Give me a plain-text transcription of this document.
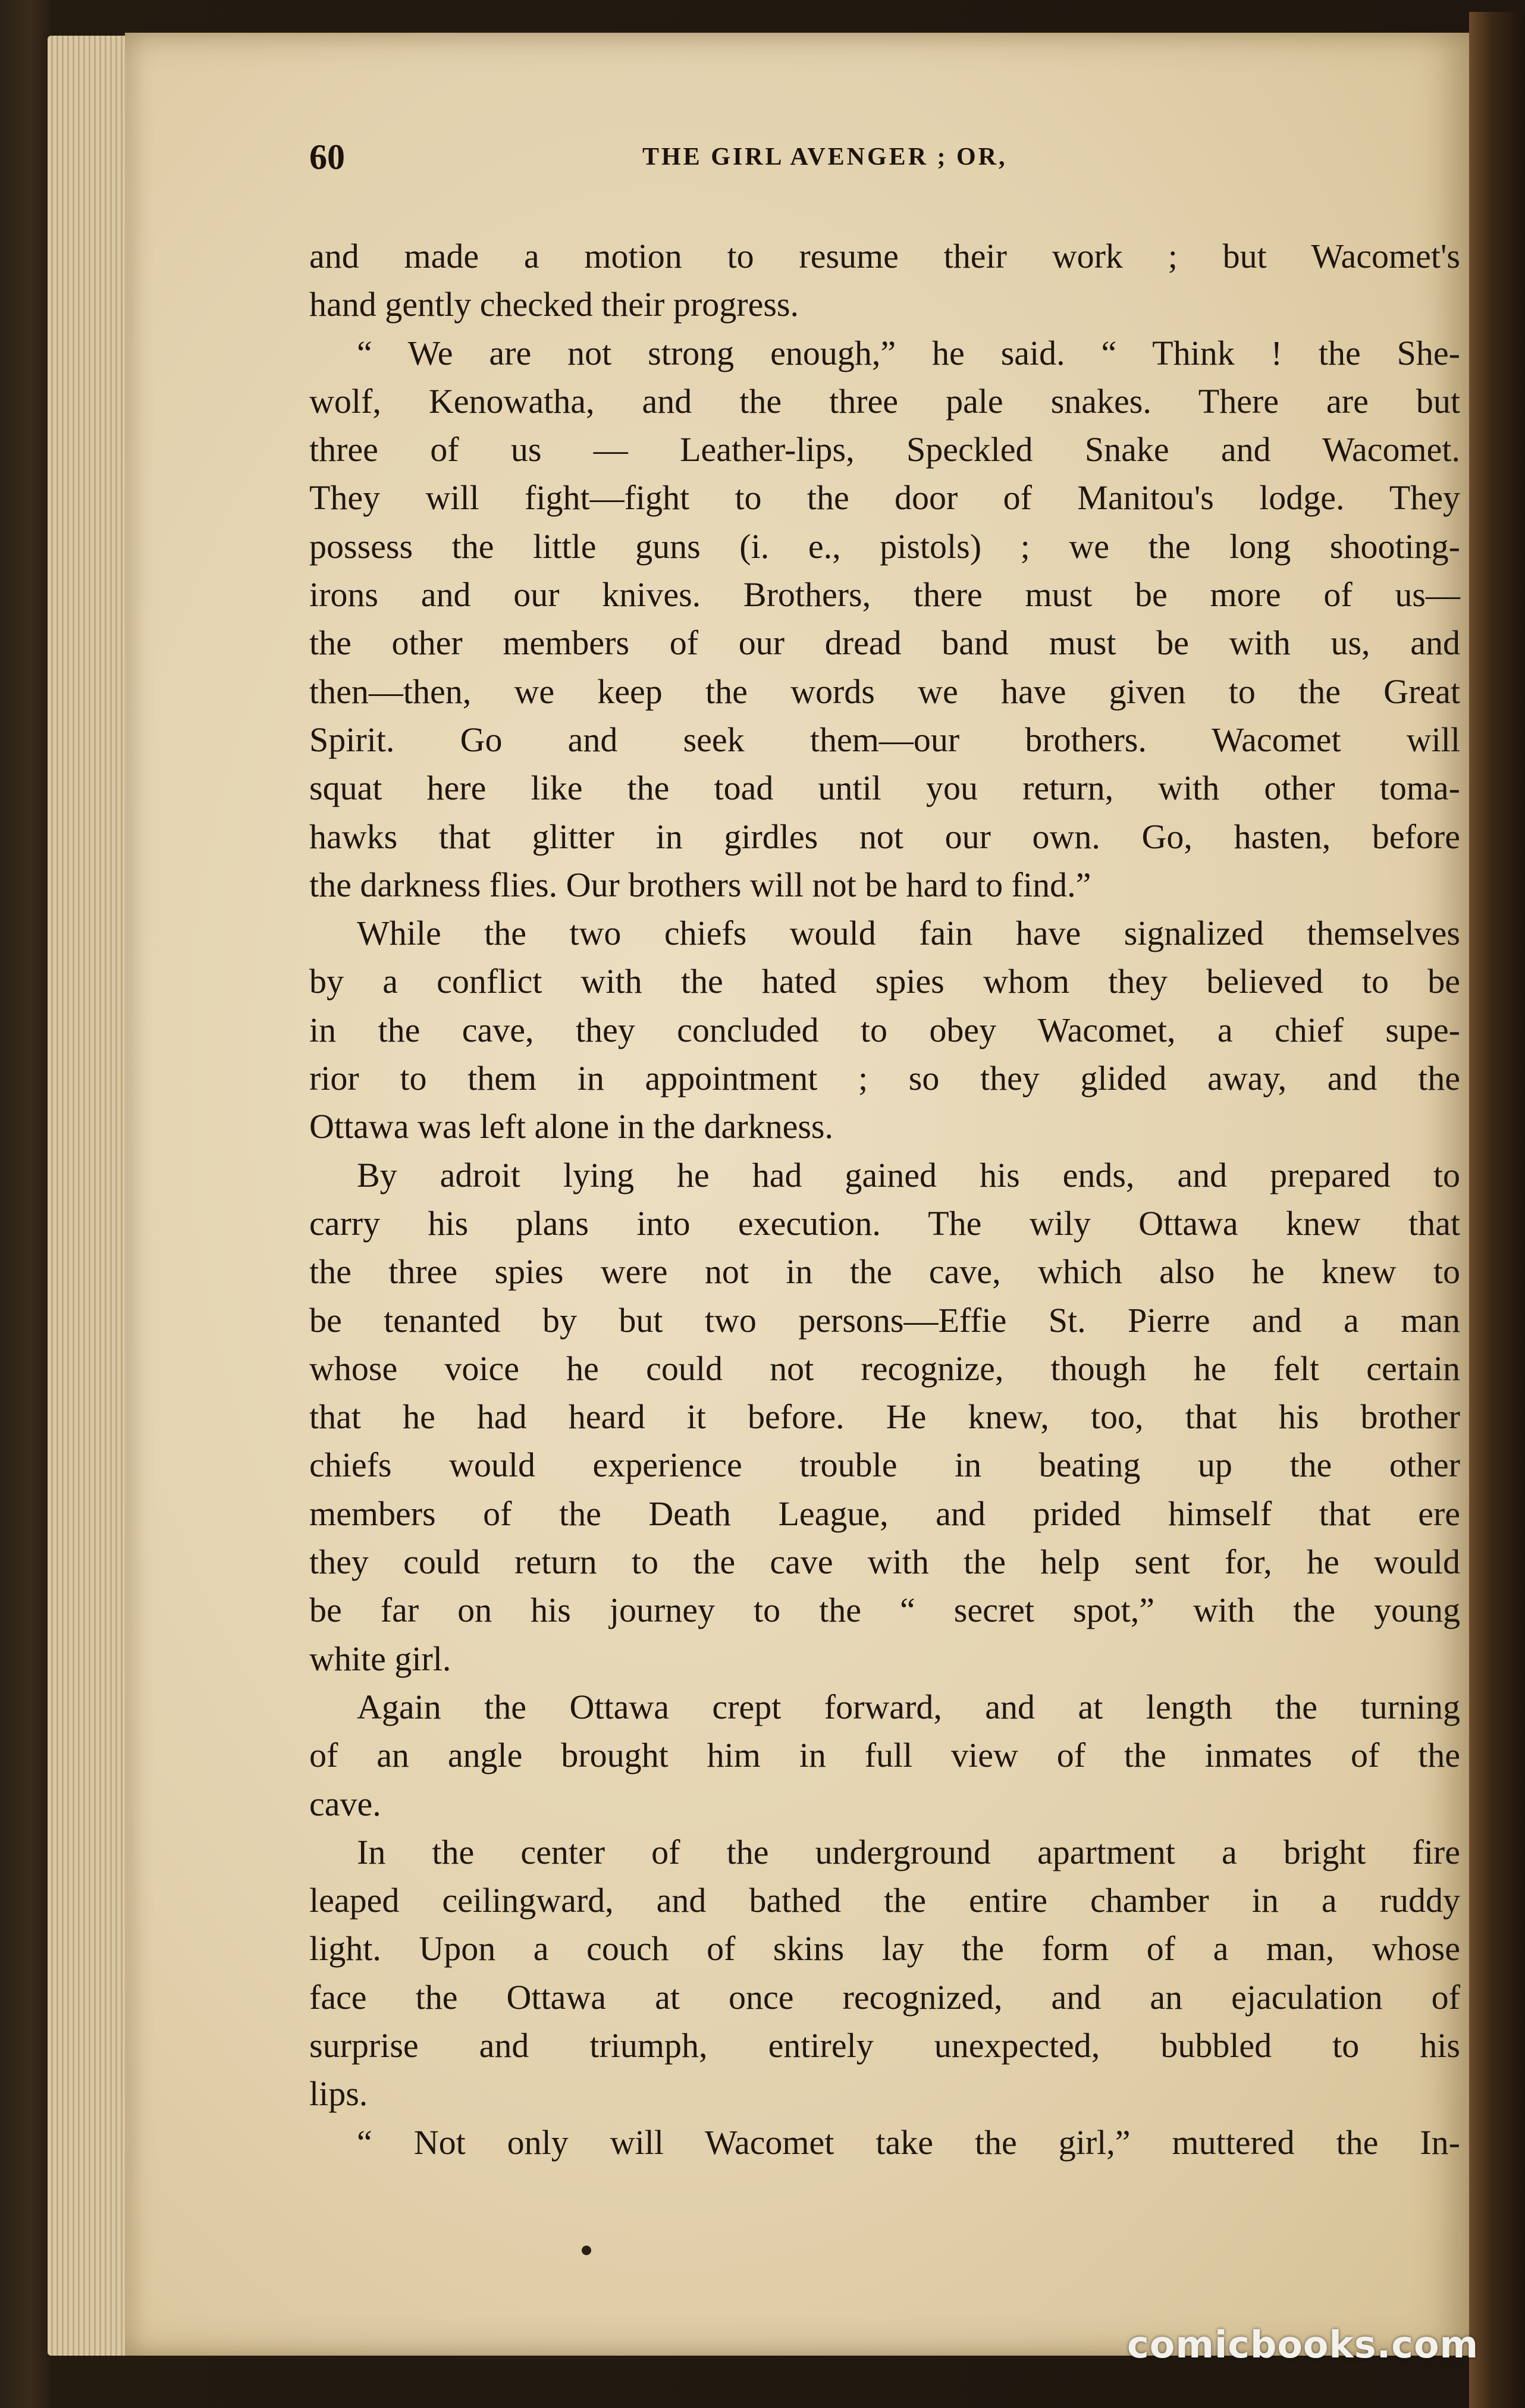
60	THE GIRL AVENGER ; OR,

and made a motion to resume their work ; but Wacomet's

hand gently checked their progress.

“ We are not strong enough,” he said. “ Think ! the She-

wolf, Kenowatha, and the three pale snakes. There are but

three of us — Leather-lips, Speckled Snake and Wacomet.

They will fight—fight to the door of Manitou's lodge. They

possess the little guns (i. e., pistols) ; we the long shooting-

irons and our knives. Brothers, there must be more of us—

the other members of our dread band must be with us, and

then—then, we keep the words we have given to the Great

Spirit. Go and seek them—our brothers. Wacomet will

squat here like the toad until you return, with other toma-

hawks that glitter in girdles not our own. Go, hasten, before

the darkness flies. Our brothers will not be hard to find.”

While the two chiefs would fain have signalized themselves

by a conflict with the hated spies whom they believed to be

in the cave, they concluded to obey Wacomet, a chief supe-

rior to them in appointment ; so they glided away, and the

Ottawa was left alone in the darkness.

By adroit lying he had gained his ends, and prepared to

carry his plans into execution. The wily Ottawa knew that

the three spies were not in the cave, which also he knew to

be tenanted by but two persons—Effie St. Pierre and a man

whose voice he could not recognize, though he felt certain

that he had heard it before. He knew, too, that his brother

chiefs would experience trouble in beating up the other

members of the Death League, and prided himself that ere

they could return to the cave with the help sent for, he would

be far on his journey to the “ secret spot,” with the young

white girl.

Again the Ottawa crept forward, and at length the turning

of an angle brought him in full view of the inmates of the

cave.

In the center of the underground apartment a bright fire

leaped ceilingward, and bathed the entire chamber in a ruddy

light. Upon a couch of skins lay the form of a man, whose

face the Ottawa at once recognized, and an ejaculation of

surprise and triumph, entirely unexpected, bubbled to his

lips.

“ Not only will Wacomet take the girl,” muttered the In-

comicbooks.com
